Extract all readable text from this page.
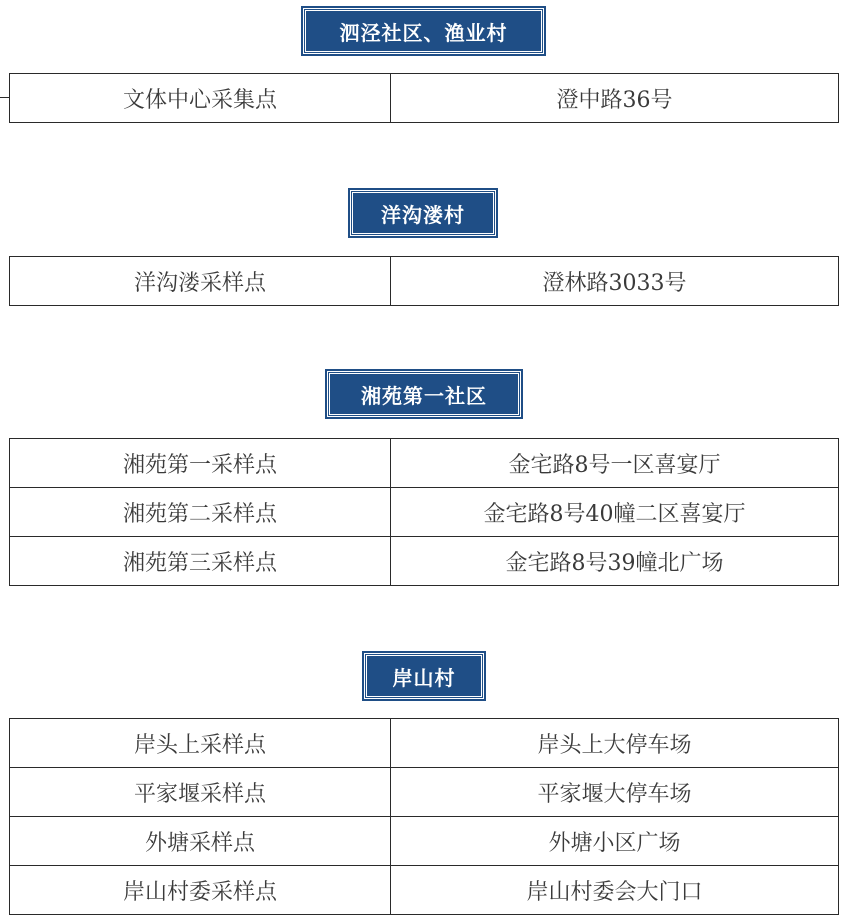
泗泾社区、渔业村
文体中心采集点	澄中路36号
洋沟溇村
洋沟溇采样点	澄林路3033号
湘苑第一社区
湘苑第一采样点	金宅路8号一区喜宴厅
湘苑第二采样点	金宅路8号40幢二区喜宴厅
湘苑第三采样点	金宅路8号39幢北广场
岸山村
岸头上采样点	岸头上大停车场
平家堰采样点	平家堰大停车场
外塘采样点	外塘小区广场
岸山村委采样点	岸山村委会大门口
